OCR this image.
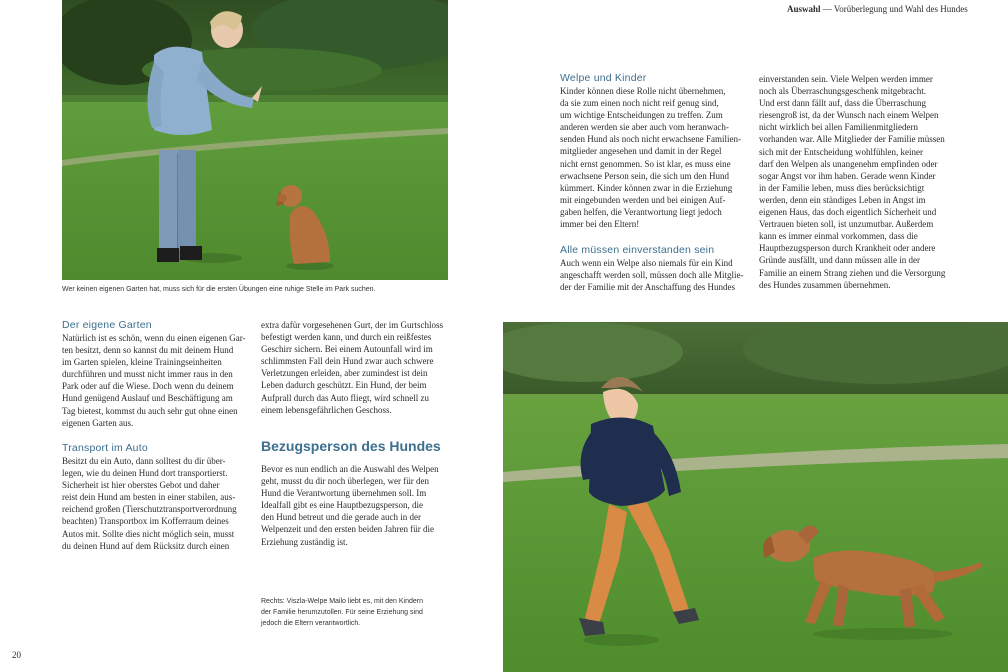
Auswahl — Vorüberlegung und Wahl des Hundes
Wer keinen eigenen Garten hat, muss sich für die ersten Übungen eine ruhige Stelle im Park suchen.
Welpe und Kinder

Kinder können diese Rolle nicht übernehmen,
da sie zum einen noch nicht reif genug sind,
um wichtige Entscheidungen zu treffen. Zum
anderen werden sie aber auch vom heranwach-
senden Hund als noch nicht erwachsene Familien-
mitglieder angesehen und damit in der Regel
nicht ernst genommen. So ist klar, es muss eine
erwachsene Person sein, die sich um den Hund
kümmert. Kinder können zwar in die Erziehung
mit eingebunden werden und bei einigen Auf-
gaben helfen, die Verantwortung liegt jedoch
immer bei den Eltern!

Alle müssen einverstanden sein

Auch wenn ein Welpe also niemals für ein Kind
angeschafft werden soll, müssen doch alle Mitglie-
der der Familie mit der Anschaffung des Hundes

einverstanden sein. Viele Welpen werden immer
noch als Überraschungsgeschenk mitgebracht.
Und erst dann fällt auf, dass die Überraschung
riesengroß ist, da der Wunsch nach einem Welpen
nicht wirklich bei allen Familienmitgliedern
vorhanden war. Alle Mitglieder der Familie müssen
sich mit der Entscheidung wohlfühlen, keiner
darf den Welpen als unangenehm empfinden oder
sogar Angst vor ihm haben. Gerade wenn Kinder
in der Familie leben, muss dies berücksichtigt
werden, denn ein ständiges Leben in Angst im
eigenen Haus, das doch eigentlich Sicherheit und
Vertrauen bieten soll, ist unzumutbar. Außerdem
kann es immer einmal vorkommen, dass die
Hauptbezugsperson durch Krankheit oder andere
Gründe ausfällt, und dann müssen alle in der
Familie an einem Strang ziehen und die Versorgung
des Hundes zusammen übernehmen.

Der eigene Garten

Natürlich ist es schön, wenn du einen eigenen Gar-
ten besitzt, denn so kannst du mit deinem Hund
im Garten spielen, kleine Trainingseinheiten
durchführen und musst nicht immer raus in den
Park oder auf die Wiese. Doch wenn du deinem
Hund genügend Auslauf und Beschäftigung am
Tag bietest, kommst du auch sehr gut ohne einen
eigenen Garten aus.

Transport im Auto

Besitzt du ein Auto, dann solltest du dir über-
legen, wie du deinen Hund dort transportierst.
Sicherheit ist hier oberstes Gebot und daher
reist dein Hund am besten in einer stabilen, aus-
reichend großen (Tierschutztransportverordnung
beachten) Transportbox im Kofferraum deines
Autos mit. Sollte dies nicht möglich sein, musst
du deinen Hund auf dem Rücksitz durch einen

extra dafür vorgesehenen Gurt, der im Gurtschloss
befestigt werden kann, und durch ein reißfestes
Geschirr sichern. Bei einem Autounfall wird im
schlimmsten Fall dein Hund zwar auch schwere
Verletzungen erleiden, aber zumindest ist dein
Leben dadurch geschützt. Ein Hund, der beim
Aufprall durch das Auto fliegt, wird schnell zu
einem lebensgefährlichen Geschoss.

Bezugsperson des Hundes

Bevor es nun endlich an die Auswahl des Welpen
geht, musst du dir noch überlegen, wer für den
Hund die Verantwortung übernehmen soll. Im
Idealfall gibt es eine Hauptbezugsperson, die
den Hund betreut und die gerade auch in der
Welpenzeit und den ersten beiden Jahren für die
Erziehung zuständig ist.

Rechts: Viszla-Welpe Mailo liebt es, mit den Kindern
der Familie herumzutollen. Für seine Erziehung sind
jedoch die Eltern verantwortlich.
20
